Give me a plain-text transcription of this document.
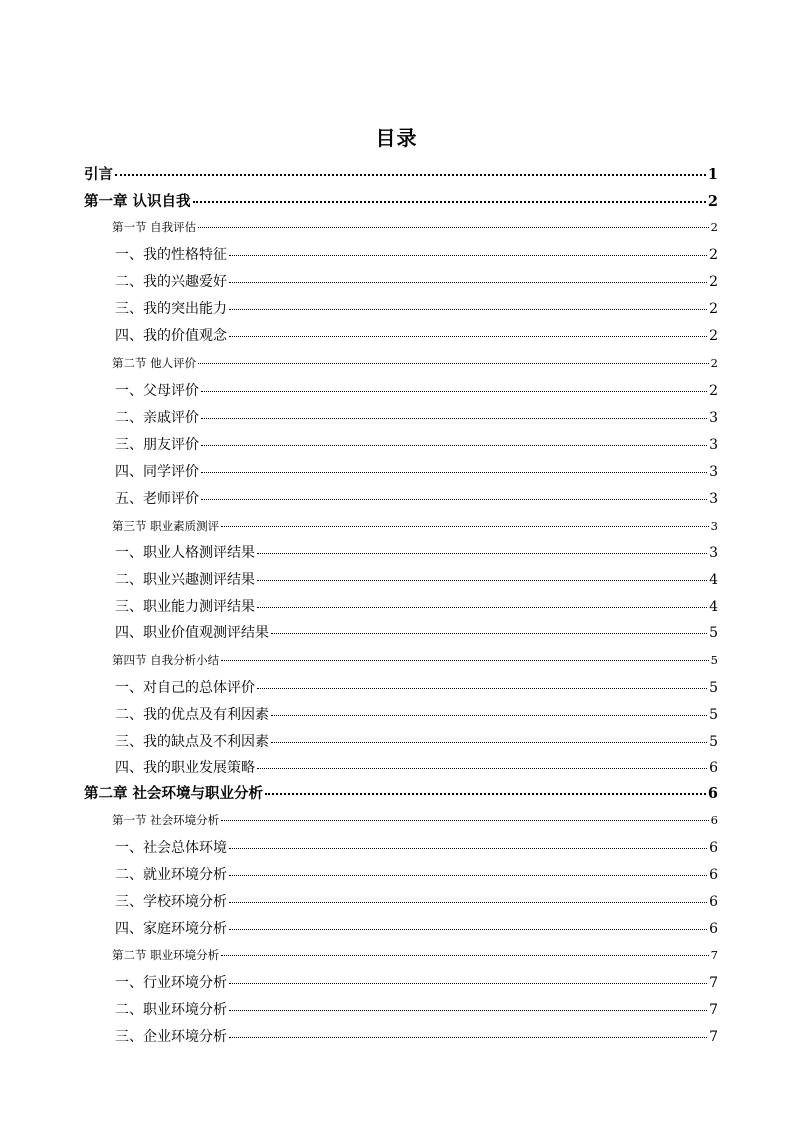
目录
引言	1
第一章 认识自我	2
第一节 自我评估	2
一、我的性格特征	2
二、我的兴趣爱好	2
三、我的突出能力	2
四、我的价值观念	2
第二节 他人评价	2
一、父母评价	2
二、亲戚评价	3
三、朋友评价	3
四、同学评价	3
五、老师评价	3
第三节 职业素质测评	3
一、职业人格测评结果	3
二、职业兴趣测评结果	4
三、职业能力测评结果	4
四、职业价值观测评结果	5
第四节 自我分析小结	5
一、对自己的总体评价	5
二、我的优点及有利因素	5
三、我的缺点及不利因素	5
四、我的职业发展策略	6
第二章 社会环境与职业分析	6
第一节 社会环境分析	6
一、社会总体环境	6
二、就业环境分析	6
三、学校环境分析	6
四、家庭环境分析	6
第二节 职业环境分析	7
一、行业环境分析	7
二、职业环境分析	7
三、企业环境分析	7
